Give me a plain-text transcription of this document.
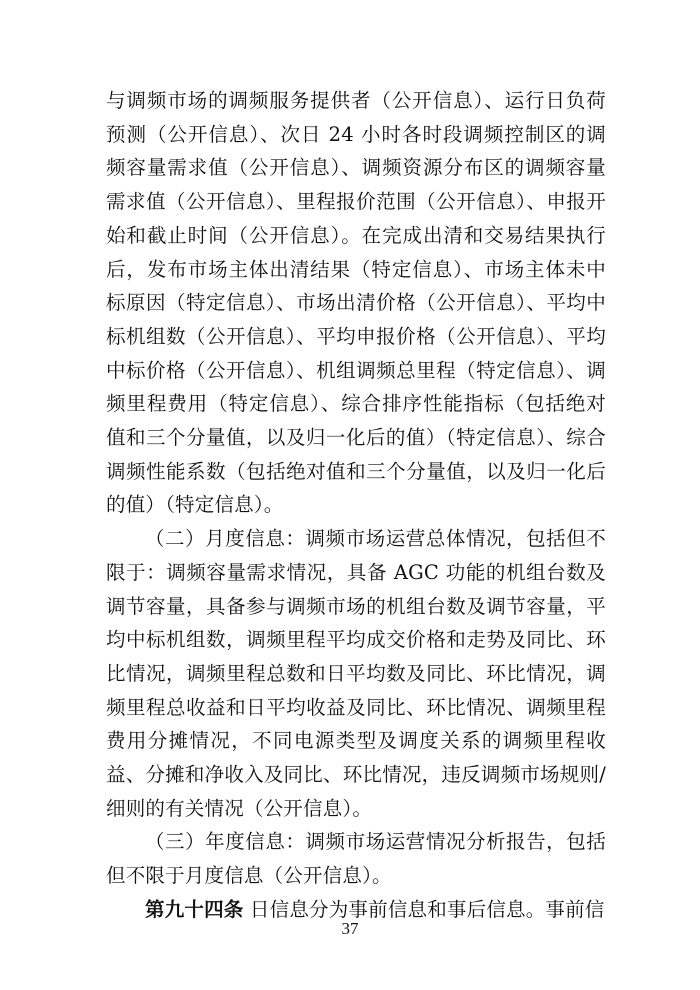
与调频市场的调频服务提供者（公开信息）、运行日负荷预测（公开信息）、次日 24 小时各时段调频控制区的调频容量需求值（公开信息）、调频资源分布区的调频容量需求值（公开信息）、里程报价范围（公开信息）、申报开始和截止时间（公开信息）。在完成出清和交易结果执行后，发布市场主体出清结果（特定信息）、市场主体未中标原因（特定信息）、市场出清价格（公开信息）、平均中标机组数（公开信息）、平均申报价格（公开信息）、平均中标价格（公开信息）、机组调频总里程（特定信息）、调频里程费用（特定信息）、综合排序性能指标（包括绝对值和三个分量值，以及归一化后的值）（特定信息）、综合调频性能系数（包括绝对值和三个分量值，以及归一化后的值）（特定信息）。

（二）月度信息：调频市场运营总体情况，包括但不限于：调频容量需求情况，具备 AGC 功能的机组台数及调节容量，具备参与调频市场的机组台数及调节容量，平均中标机组数，调频里程平均成交价格和走势及同比、环比情况，调频里程总数和日平均数及同比、环比情况，调频里程总收益和日平均收益及同比、环比情况、调频里程费用分摊情况，不同电源类型及调度关系的调频里程收益、分摊和净收入及同比、环比情况，违反调频市场规则/细则的有关情况（公开信息）。

（三）年度信息：调频市场运营情况分析报告，包括但不限于月度信息（公开信息）。

第九十四条 日信息分为事前信息和事后信息。事前信

37
